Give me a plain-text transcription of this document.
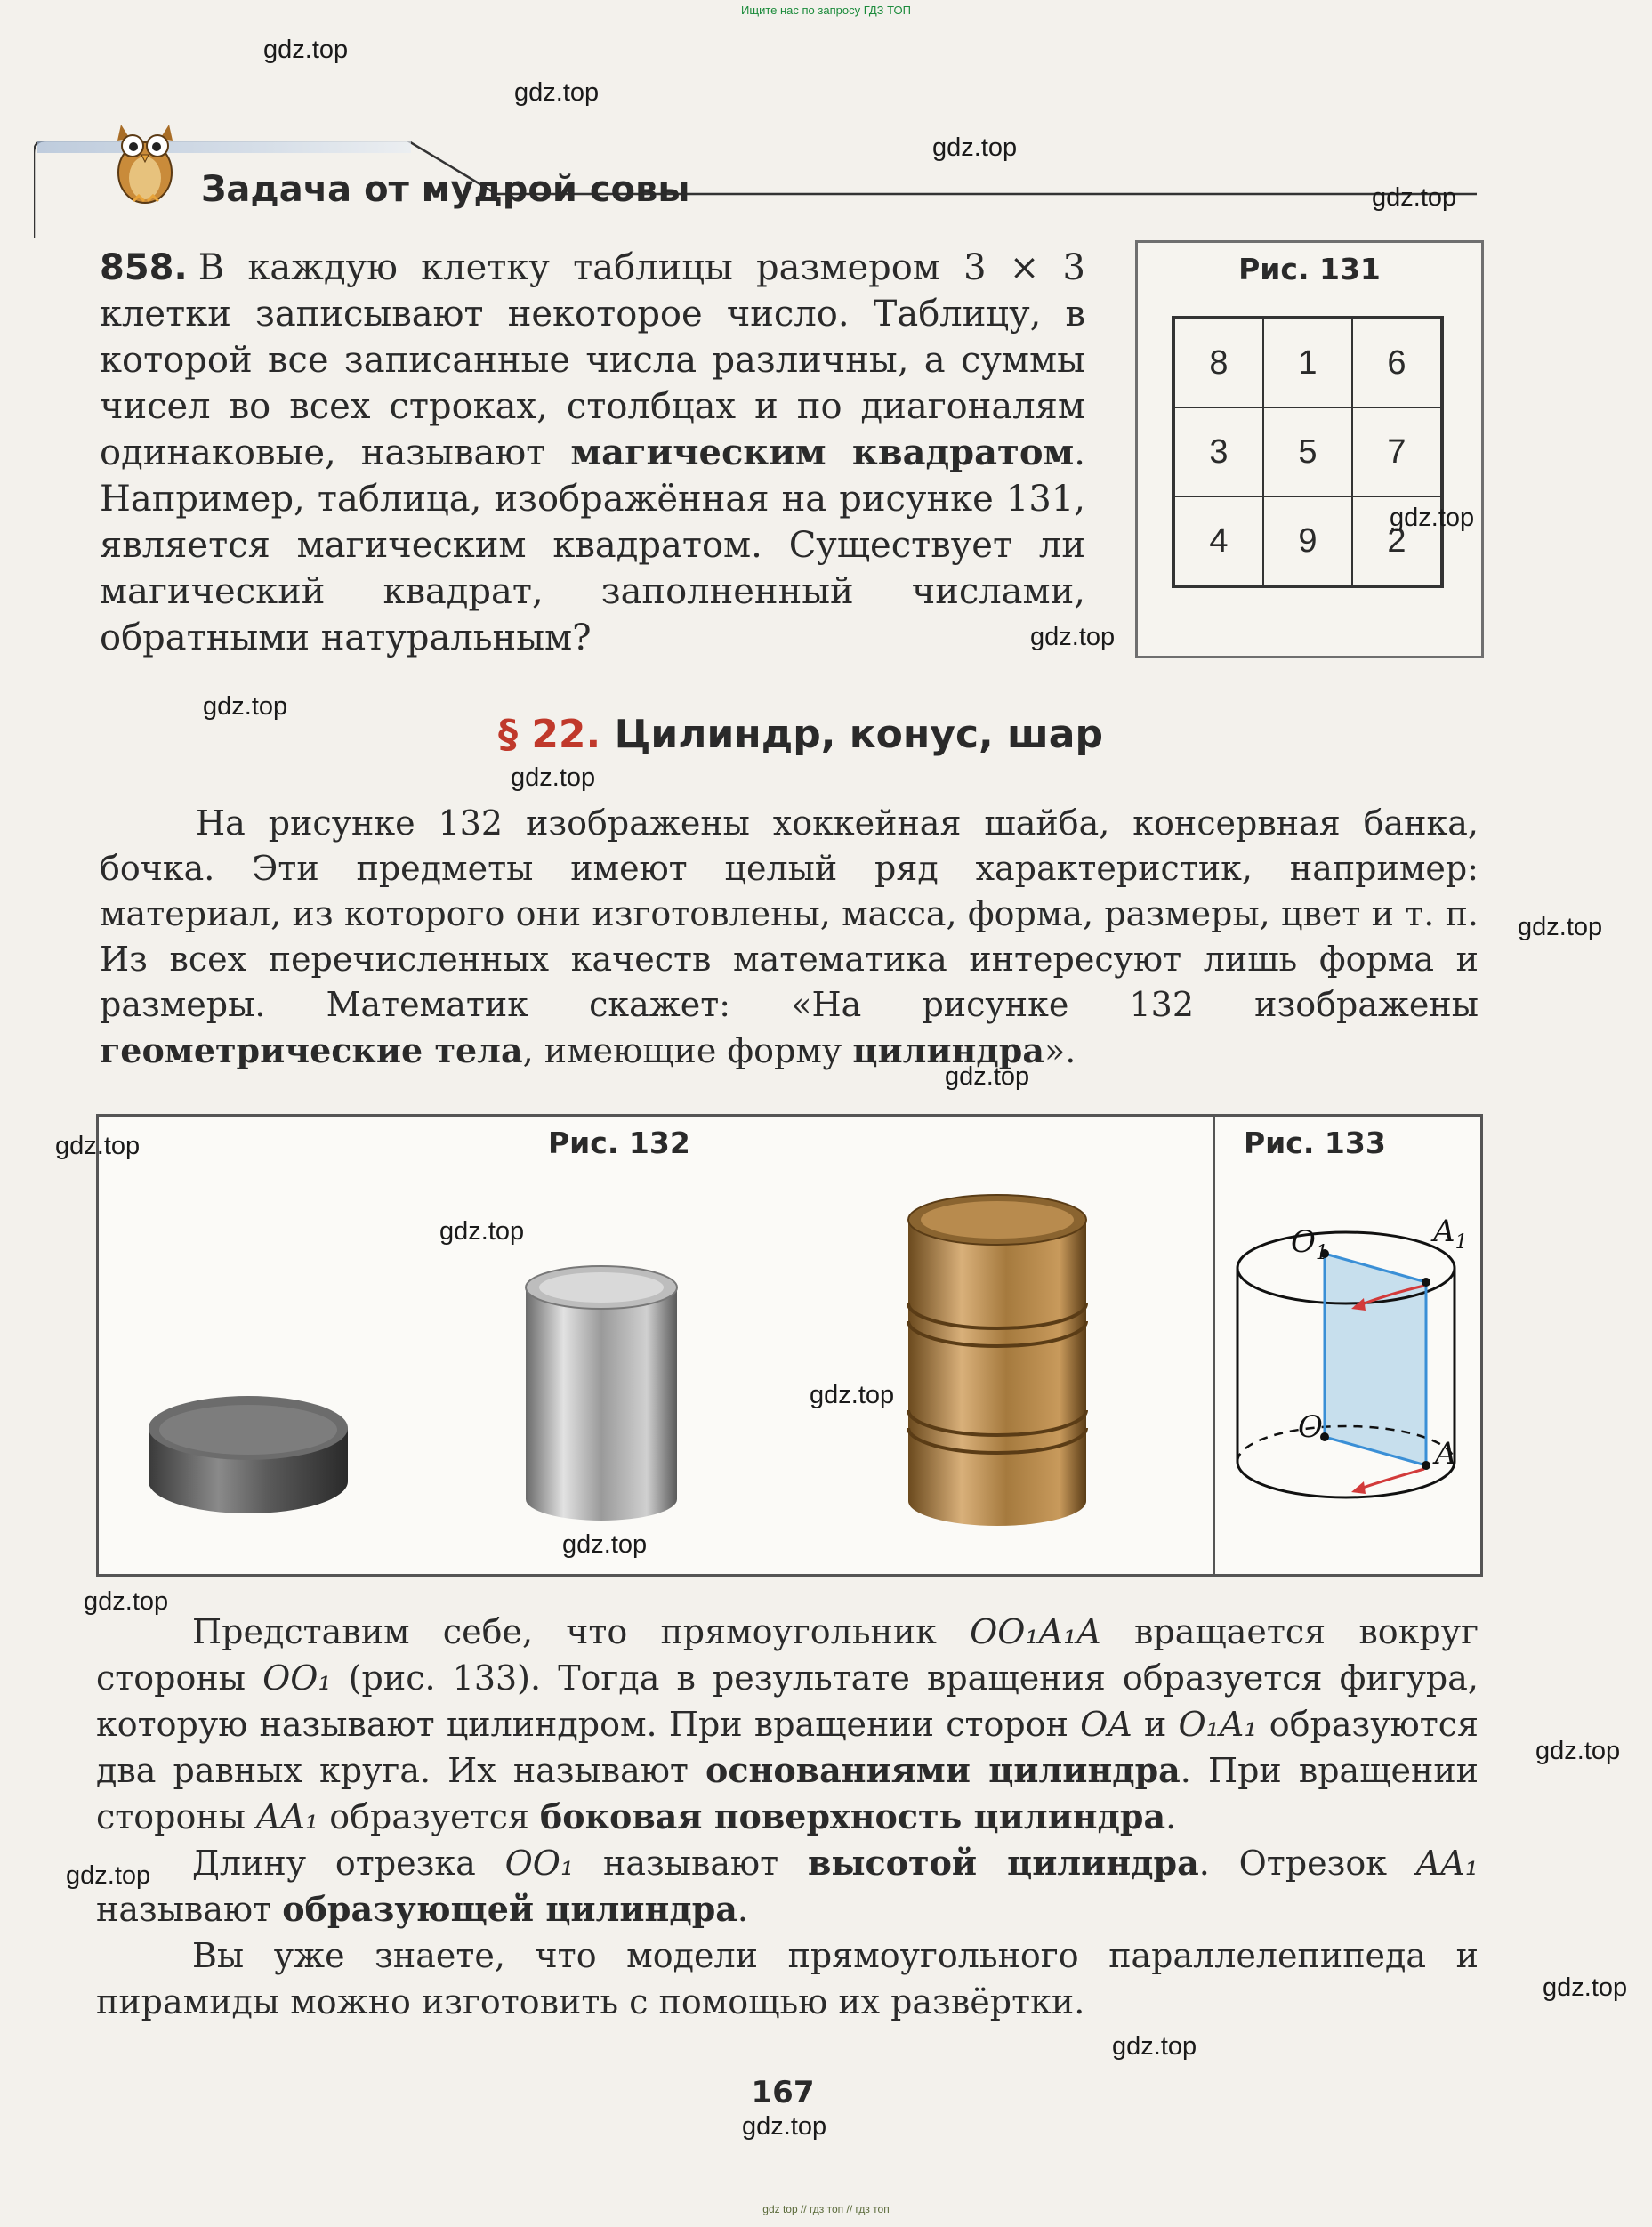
Ищите нас по запросу ГДЗ ТОП
gdz top // гдз топ // гдз топ
Задача от мудрой совы
858. В каждую клетку таблицы размером 3 × 3 клетки записывают некоторое число. Таблицу, в которой все записанные числа различны, а суммы чисел во всех строках, столбцах и по диагоналям одинаковые, называют магическим квадратом. Например, таблица, изображённая на рисунке 131, является магическим квадратом. Существует ли магический квадрат, заполненный числами, обратными натуральным?
Рис. 131
8	1	6
3	5	7
4	9	2
§ 22. Цилиндр, конус, шар
На рисунке 132 изображены хоккейная шайба, консервная банка, бочка. Эти предметы имеют целый ряд характеристик, например: материал, из которого они изготовлены, масса, форма, размеры, цвет и т. п. Из всех перечисленных качеств математика интересуют лишь форма и размеры. Математик скажет: «На рисунке 132 изображены геометрические тела, имеющие форму цилиндра».
Рис. 132	Рис. 133
$O_1$
$A_1$
O
A

Представим себе, что прямоугольник OO₁A₁A вращается вокруг стороны OO₁ (рис. 133). Тогда в результате вращения образуется фигура, которую называют цилиндром. При вращении сторон OA и O₁A₁ образуются два равных круга. Их называют основаниями цилиндра. При вращении стороны AA₁ образуется боковая поверхность цилиндра.

Длину отрезка OO₁ называют высотой цилиндра. Отрезок AA₁ называют образующей цилиндра.

Вы уже знаете, что модели прямоугольного параллелепипеда и пирамиды можно изготовить с помощью их развёртки.

167
gdz.top
gdz.top
gdz.top
gdz.top
gdz.top
gdz.top
gdz.top
gdz.top
gdz.top
gdz.top
gdz.top
gdz.top
gdz.top
gdz.top
gdz.top
gdz.top
gdz.top
gdz.top
gdz.top
gdz.top
